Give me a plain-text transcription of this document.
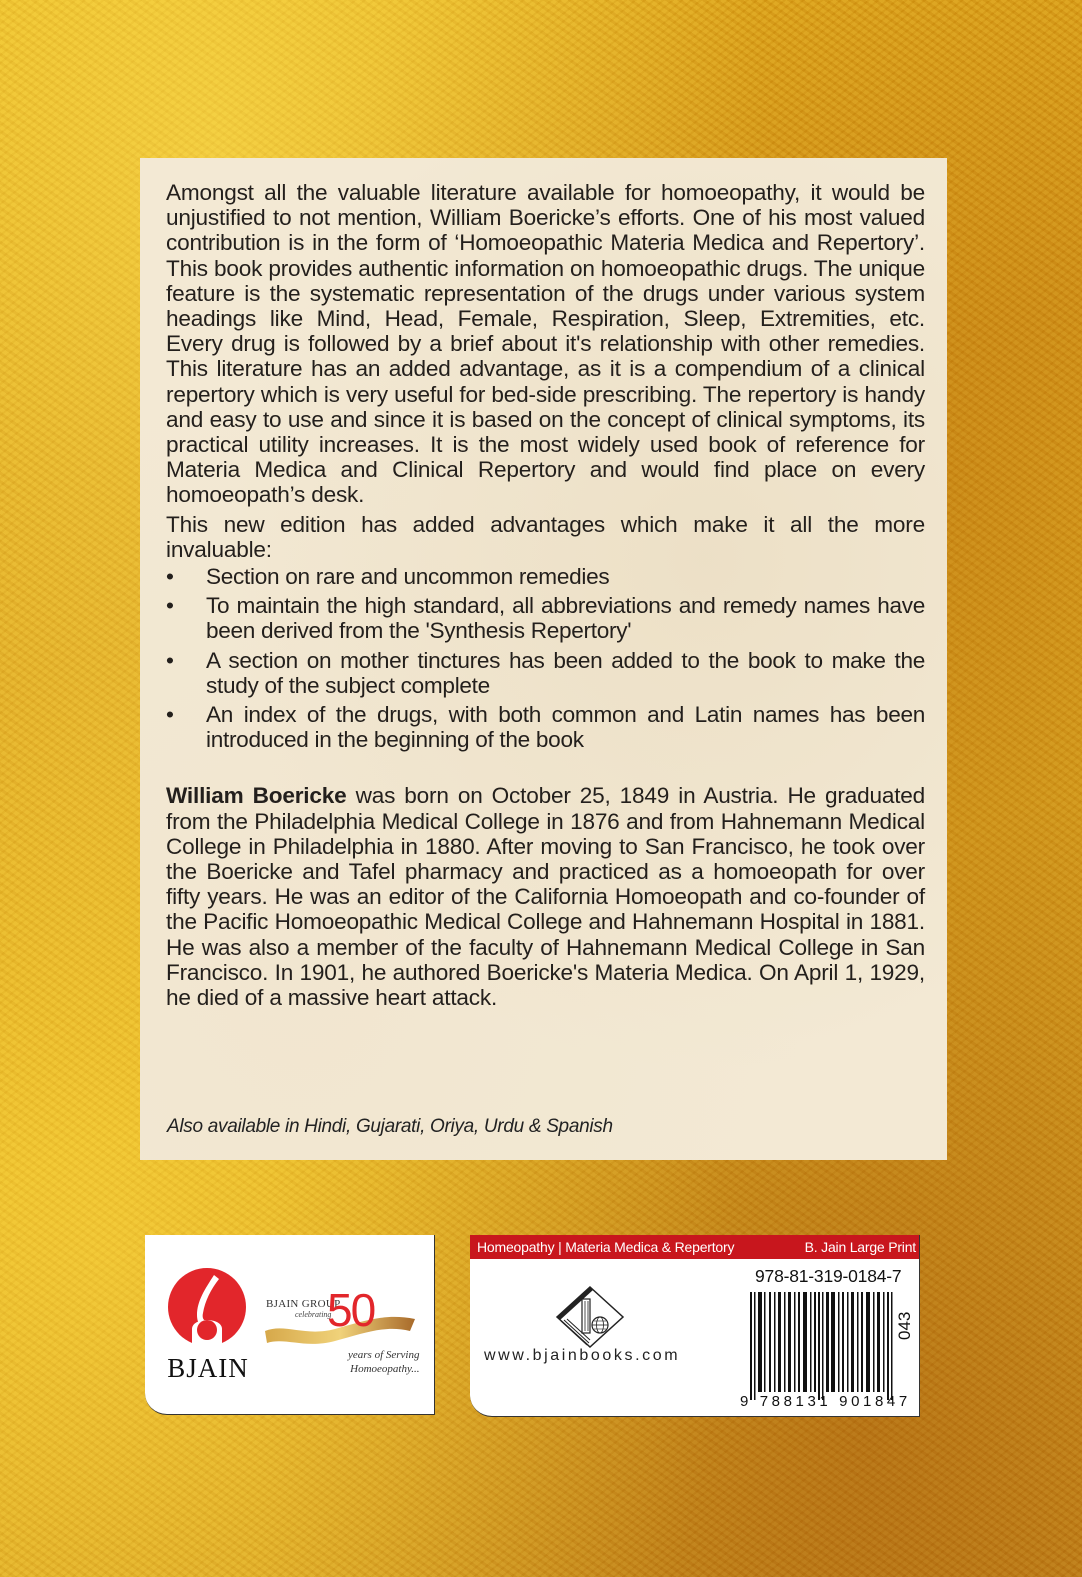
Amongst all the valuable literature available for homoeopathy, it would be unjustified to not mention, William Boericke’s efforts. One of his most valued contribution is in the form of ‘Homoeopathic Materia Medica and Repertory’. This book provides authentic information on homoeopathic drugs. The unique feature is the systematic representation of the drugs under various system headings like Mind, Head, Female, Respiration, Sleep, Extremities, etc. Every drug is followed by a brief about it's relationship with other remedies. This literature has an added advantage, as it is a compendium of a clinical repertory which is very useful for bed-side prescribing. The repertory is handy and easy to use and since it is based on the concept of clinical symptoms, its practical utility increases. It is the most widely used book of reference for Materia Medica and Clinical Repertory and would find place on every homoeopath’s desk.

This new edition has added advantages which make it all the more invaluable:

•	Section on rare and uncommon remedies
•	To maintain the high standard, all abbreviations and remedy names have been derived from the 'Synthesis Repertory'
•	A section on mother tinctures has been added to the book to make the study of the subject complete
•	An index of the drugs, with both common and Latin names has been introduced in the beginning of the book

William Boericke was born on October 25, 1849 in Austria. He graduated from the Philadelphia Medical College in 1876 and from Hahnemann Medical College in Philadelphia in 1880. After moving to San Francisco, he took over the Boericke and Tafel pharmacy and practiced as a homoeopath for over fifty years. He was an editor of the California Homoeopath and co-founder of the Pacific Homoeopathic Medical College and Hahnemann Hospital in 1881. He was also a member of the faculty of Hahnemann Medical College in San Francisco. In 1901, he authored Boericke's Materia Medica. On April 1, 1929, he died of a massive heart attack.

Also available in Hindi, Gujarati, Oriya, Urdu & Spanish
BJAIN
BJAIN GROUP
celebrating
50
years of Serving
Homoeopathy...
Homeopathy | Materia Medica & Repertory	B. Jain Large Print
www.bjainbooks.com
978-81-319-0184-7
9 788131 901847
043
